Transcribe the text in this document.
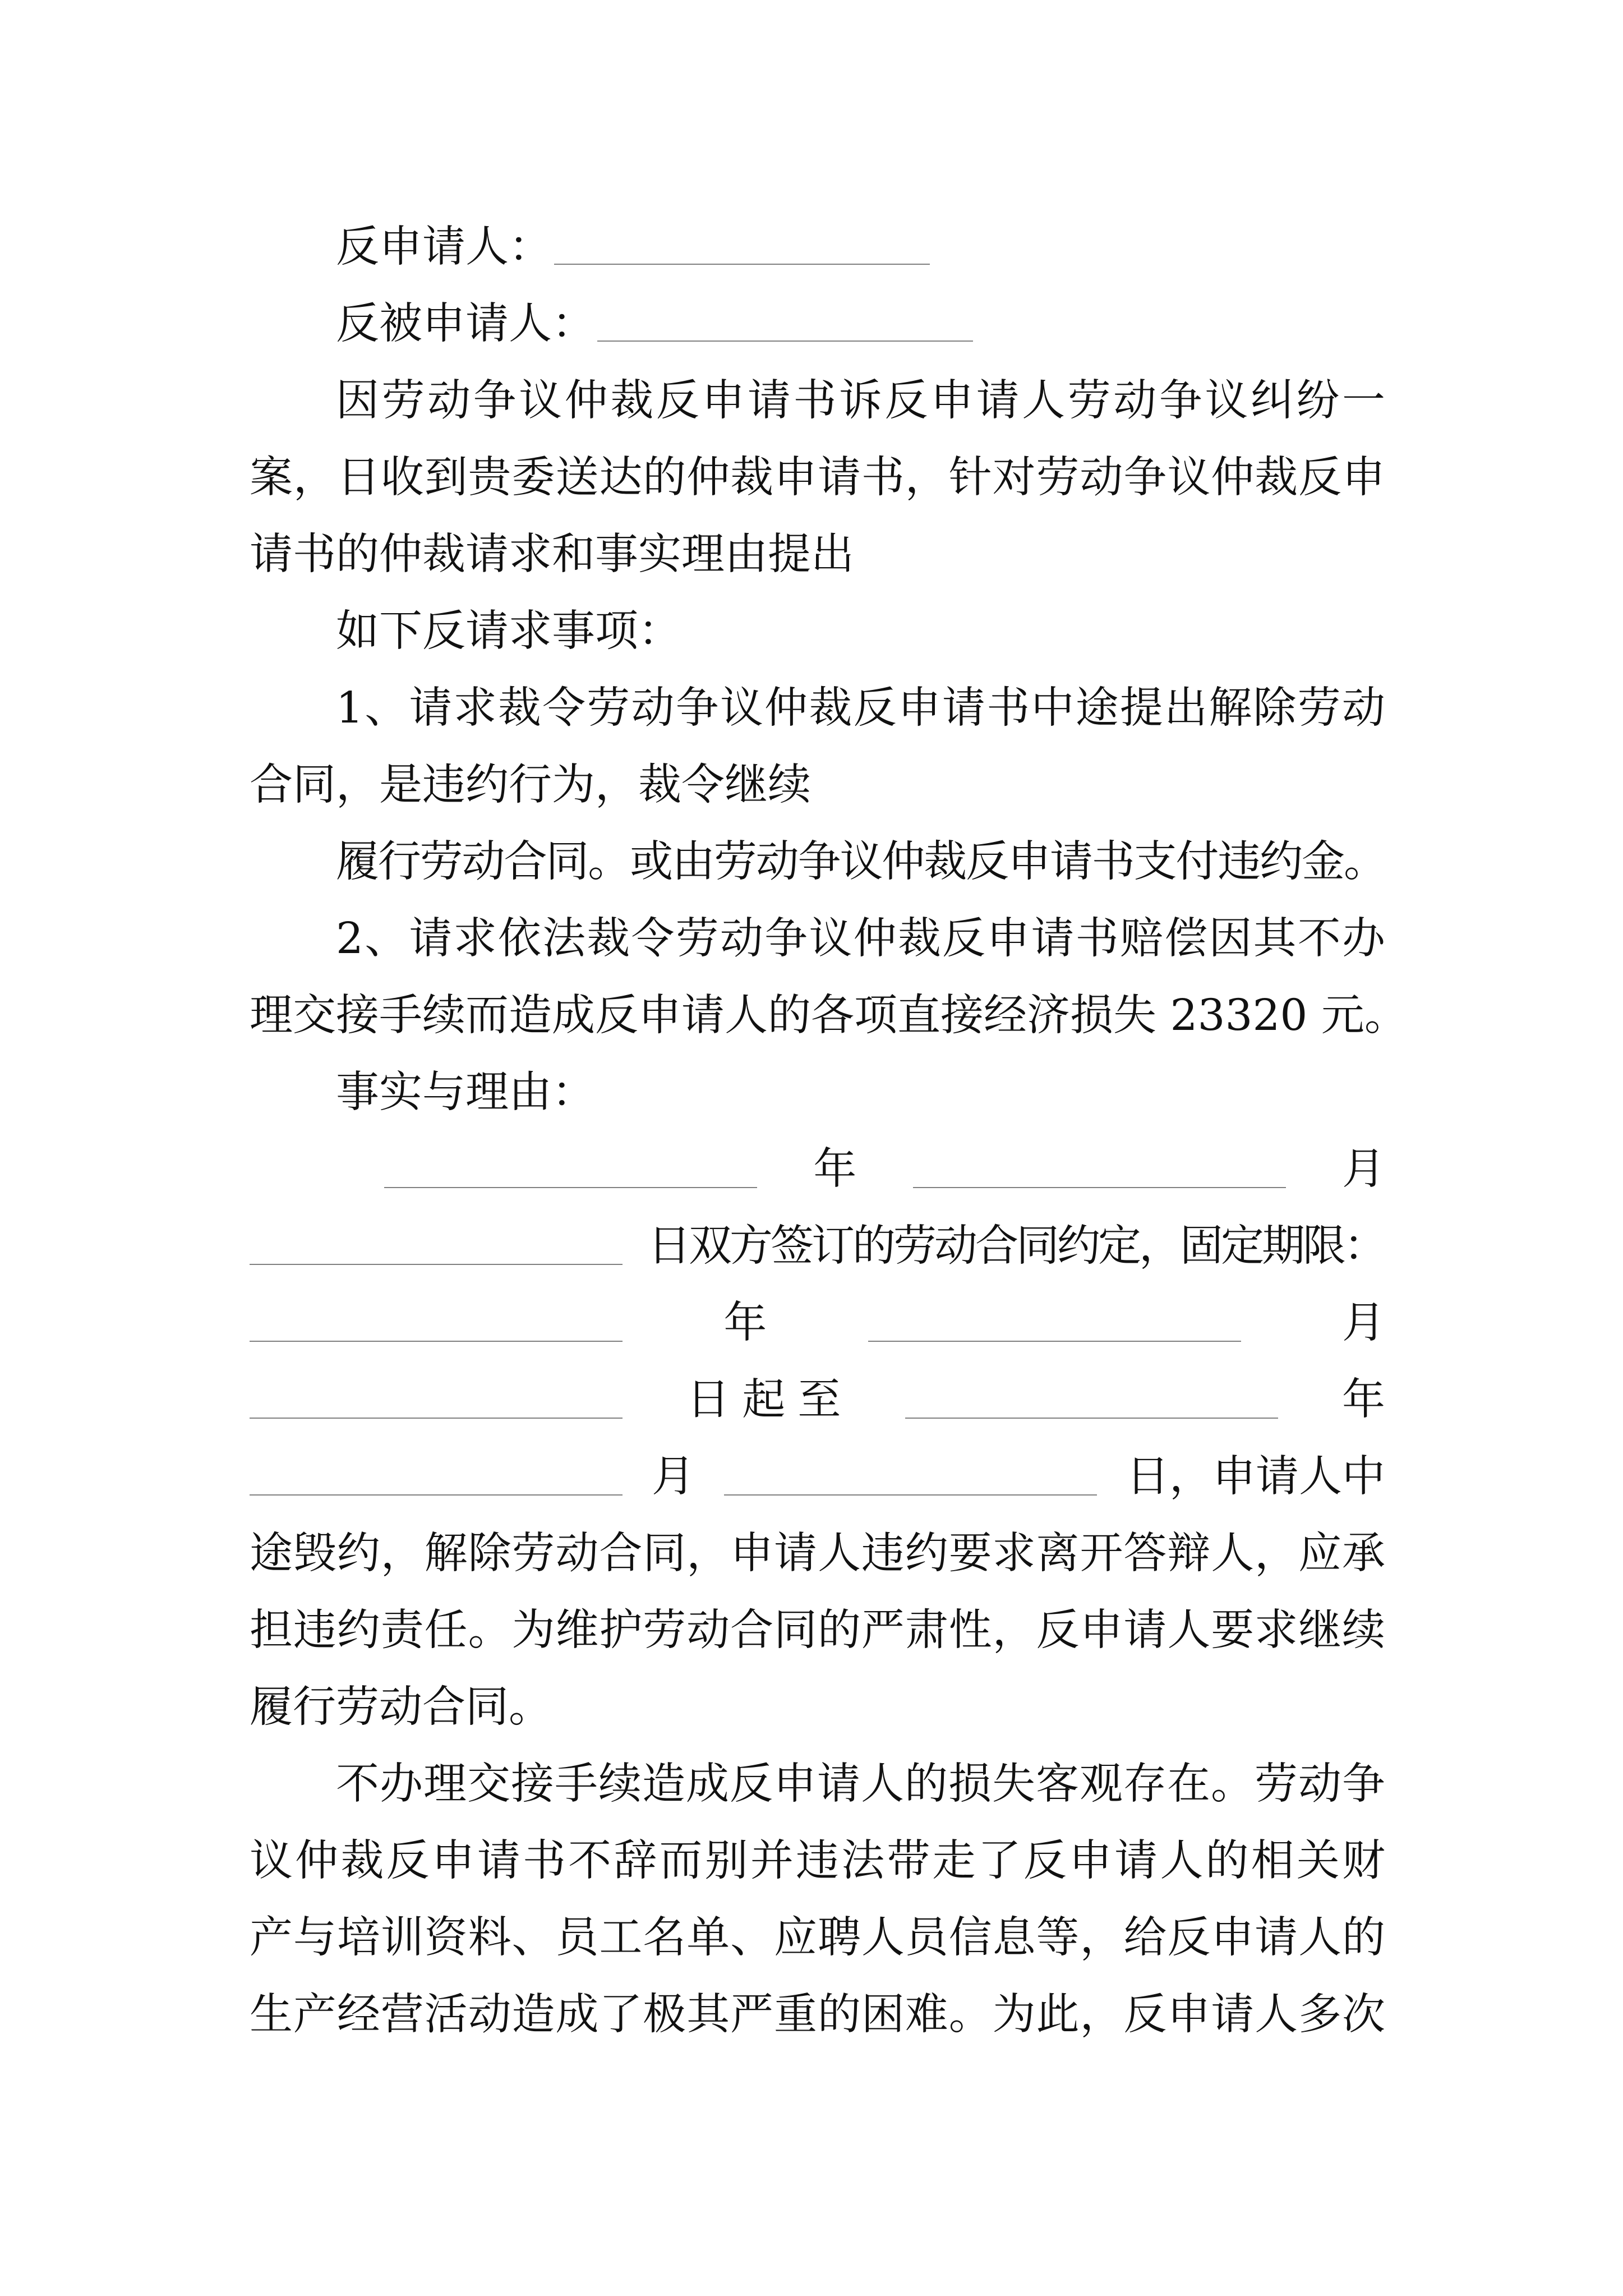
反申请人：
反被申请人：
因劳动争议仲裁反申请书诉反申请人劳动争议纠纷一
案，日收到贵委送达的仲裁申请书，针对劳动争议仲裁反申
请书的仲裁请求和事实理由提出
如下反请求事项：
1、请求裁令劳动争议仲裁反申请书中途提出解除劳动
合同，是违约行为，裁令继续
履行劳动合同。或由劳动争议仲裁反申请书支付违约金。
2、请求依法裁令劳动争议仲裁反申请书赔偿因其不办
理交接手续而造成反申请人的各项直接经济损失 23320 元。
事实与理由：
年	月
日双方签订的劳动合同约定，固定期限：
年	月
日起至	年
月	日，申请人中
途毁约，解除劳动合同，申请人违约要求离开答辩人，应承
担违约责任。为维护劳动合同的严肃性，反申请人要求继续
履行劳动合同。
不办理交接手续造成反申请人的损失客观存在。劳动争
议仲裁反申请书不辞而别并违法带走了反申请人的相关财
产与培训资料、员工名单、应聘人员信息等，给反申请人的
生产经营活动造成了极其严重的困难。为此，反申请人多次
